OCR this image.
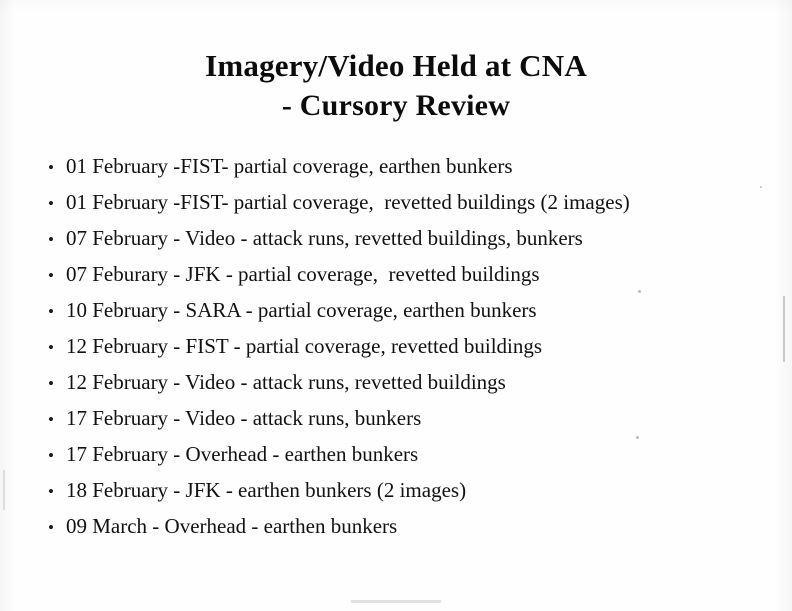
Imagery/Video Held at CNA
- Cursory Review
• 01 February -FIST- partial coverage, earthen bunkers
• 01 February -FIST- partial coverage,  revetted buildings (2 images)
• 07 February - Video - attack runs, revetted buildings, bunkers
• 07 Feburary - JFK - partial coverage,  revetted buildings
• 10 February - SARA - partial coverage, earthen bunkers
• 12 February - FIST - partial coverage, revetted buildings
• 12 February - Video - attack runs, revetted buildings
• 17 February - Video - attack runs, bunkers
• 17 February - Overhead - earthen bunkers
• 18 February - JFK - earthen bunkers (2 images)
• 09 March - Overhead - earthen bunkers
